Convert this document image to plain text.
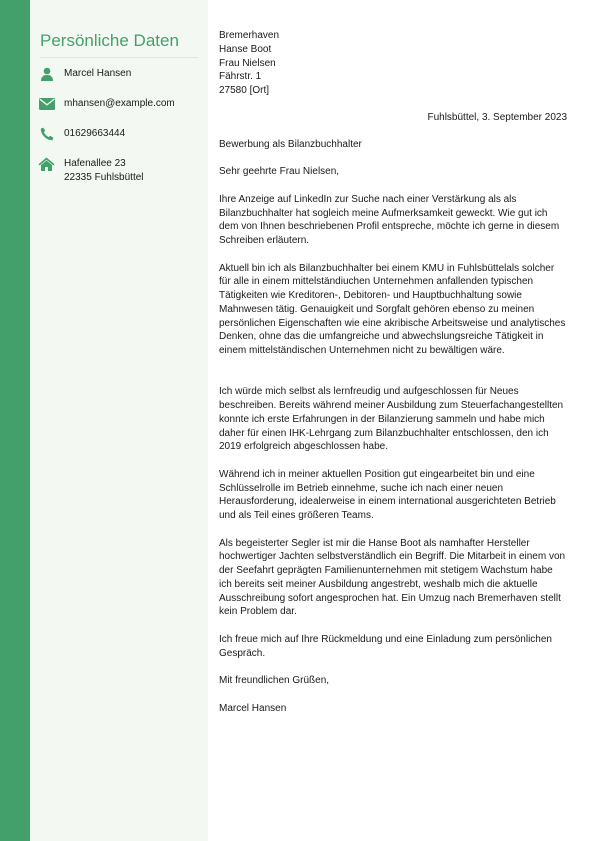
Persönliche Daten
Marcel Hansen
mhansen@example.com
01629663444
Hafenallee 23
22335 Fuhlsbüttel

Bremerhaven
Hanse Boot
Frau Nielsen
Fährstr. 1
27580 [Ort]

Fuhlsbüttel, 3. September 2023

Bewerbung als Bilanzbuchhalter

Sehr geehrte Frau Nielsen,

Ihre Anzeige auf LinkedIn zur Suche nach einer Verstärkung als als Bilanzbuchhalter hat sogleich meine Aufmerksamkeit geweckt. Wie gut ich dem von Ihnen beschriebenen Profil entspreche, möchte ich gerne in diesem Schreiben erläutern.

Aktuell bin ich als Bilanzbuchhalter bei einem KMU in Fuhlsbüttelals solcher für alle in einem mittelständiuchen Unternehmen anfallenden typischen Tätigkeiten wie Kreditoren-, Debitoren- und Hauptbuchhaltung sowie Mahnwesen tätig. Genauigkeit und Sorgfalt gehören ebenso zu meinen persönlichen Eigenschaften wie eine akribische Arbeitsweise und analytisches Denken, ohne das die umfangreiche und abwechslungsreiche Tätigkeit in einem mittelständischen Unternehmen nicht zu bewältigen wäre.

Ich würde mich selbst als lernfreudig und aufgeschlossen für Neues beschreiben. Bereits während meiner Ausbildung zum Steuerfachangestellten konnte ich erste Erfahrungen in der Bilanzierung sammeln und habe mich daher für einen IHK-Lehrgang zum Bilanzbuchhalter entschlossen, den ich 2019 erfolgreich abgeschlossen habe.

Während ich in meiner aktuellen Position gut eingearbeitet bin und eine Schlüsselrolle im Betrieb einnehme, suche ich nach einer neuen Herausforderung, idealerweise in einem international ausgerichteten Betrieb und als Teil eines größeren Teams.

Als begeisterter Segler ist mir die Hanse Boot als namhafter Hersteller hochwertiger Jachten selbstverständlich ein Begriff. Die Mitarbeit in einem von der Seefahrt geprägten Familienunternehmen mit stetigem Wachstum habe ich bereits seit meiner Ausbildung angestrebt, weshalb mich die aktuelle Ausschreibung sofort angesprochen hat. Ein Umzug nach Bremerhaven stellt kein Problem dar.

Ich freue mich auf Ihre Rückmeldung und eine Einladung zum persönlichen Gespräch.

Mit freundlichen Grüßen,

Marcel Hansen
